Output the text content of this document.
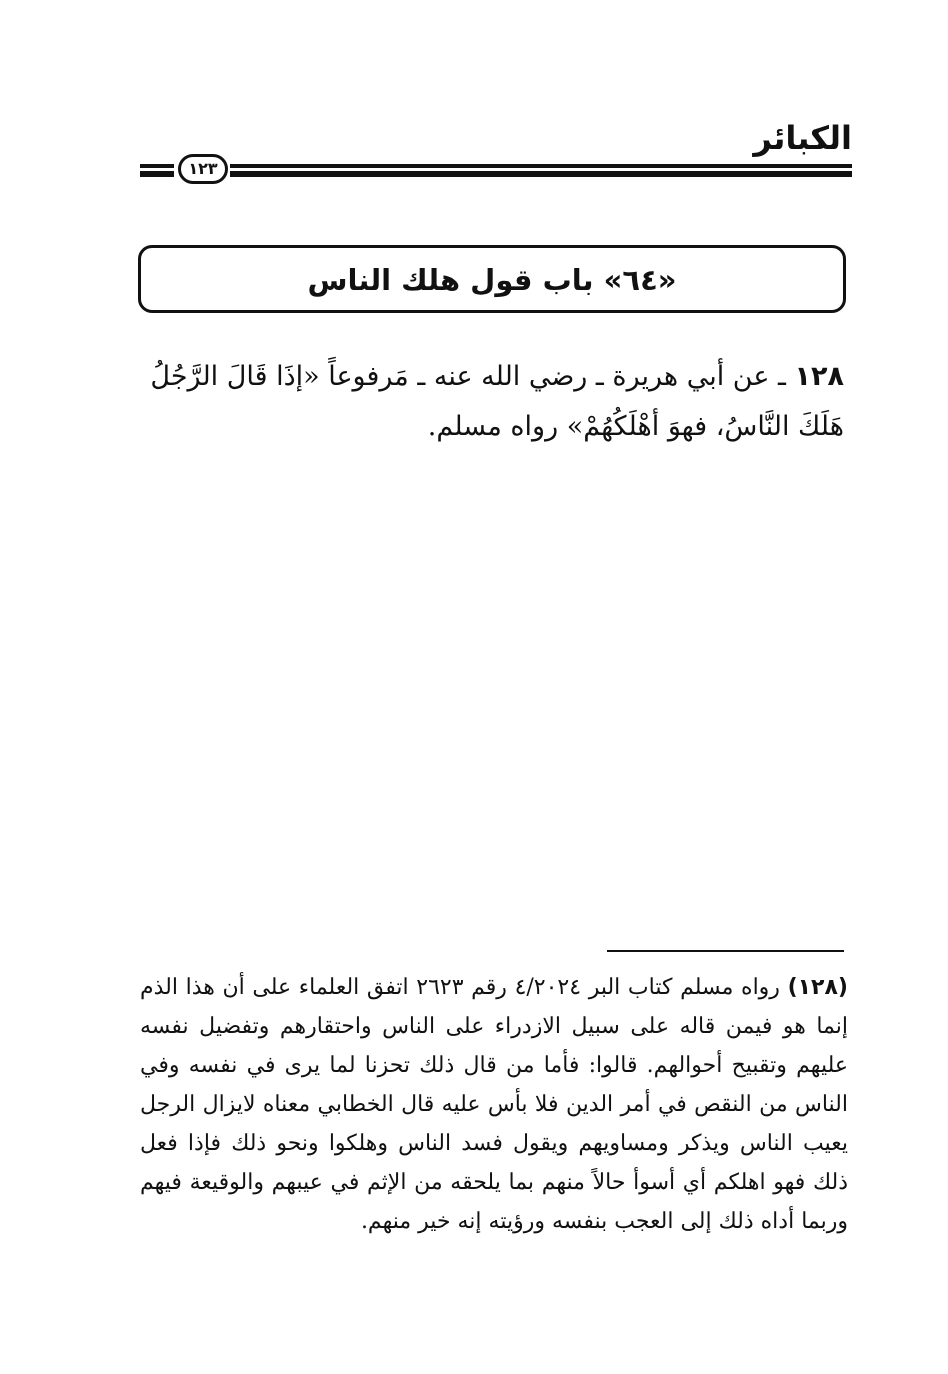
الكبائر
١٢٣
«٦٤» باب قول هلك الناس
١٢٨ ـ عن أبي هريرة ـ رضي الله عنه ـ مَرفوعاً «إذَا قَالَ الرَّجُلُ هَلَكَ النَّاسُ، فهوَ أهْلَكُهُمْ» رواه مسلم.
(١٢٨) رواه مسلم كتاب البر ٤/٢٠٢٤ رقم ٢٦٢٣ اتفق العلماء على أن هذا الذم إنما هو فيمن قاله على سبيل الازدراء على الناس واحتقارهم وتفضيل نفسه عليهم وتقبيح أحوالهم. قالوا: فأما من قال ذلك تحزنا لما يرى في نفسه وفي الناس من النقص في أمر الدين فلا بأس عليه قال الخطابي معناه لايزال الرجل يعيب الناس ويذكر ومساويهم ويقول فسد الناس وهلكوا ونحو ذلك فإذا فعل ذلك فهو اهلكم أي أسوأ حالاً منهم بما يلحقه من الإثم في عيبهم والوقيعة فيهم وربما أداه ذلك إلى العجب بنفسه ورؤيته إنه خير منهم.
